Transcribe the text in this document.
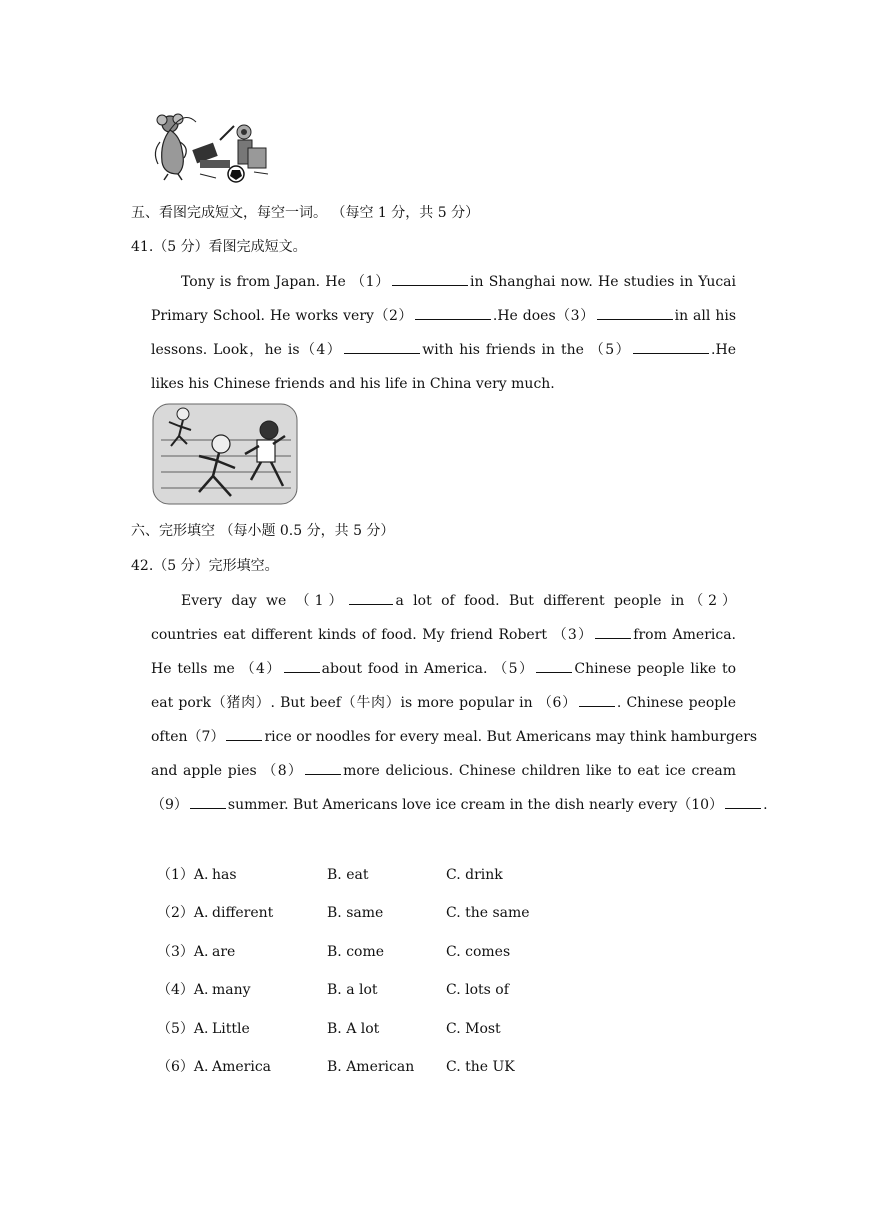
五、看图完成短文，每空一词。 （每空 1 分，共 5 分）
41.（5 分）看图完成短文。
Tony is from Japan. He （1）	in Shanghai now. He studies in Yucai
Primary School. He works very（2）	.He does（3）	in all his
lessons. Look，he is（4）	with his friends in the （5）	.He
likes his Chinese friends and his life in China very much.
六、完形填空 （每小题 0.5 分，共 5 分）
42.（5 分）完形填空。
Every day we （1）	a lot of food. But different people in（2）
countries eat different kinds of food. My friend Robert （3）	from America.
He tells me （4）	about food in America. （5）	Chinese people like to
eat pork（猪肉）. But beef（牛肉）is more popular in （6）	. Chinese people
often（7）	rice or noodles for every meal. But Americans may think hamburgers
and apple pies （8）	more delicious. Chinese children like to eat ice cream
（9）	summer. But Americans love ice cream in the dish nearly every（10）	.
（1）A. has	B. eat	C. drink
（2）A. different	B. same	C. the same
（3）A. are	B. come	C. comes
（4）A. many	B. a lot	C. lots of
（5）A. Little	B. A lot	C. Most
（6）A. America	B. American C. the UK
